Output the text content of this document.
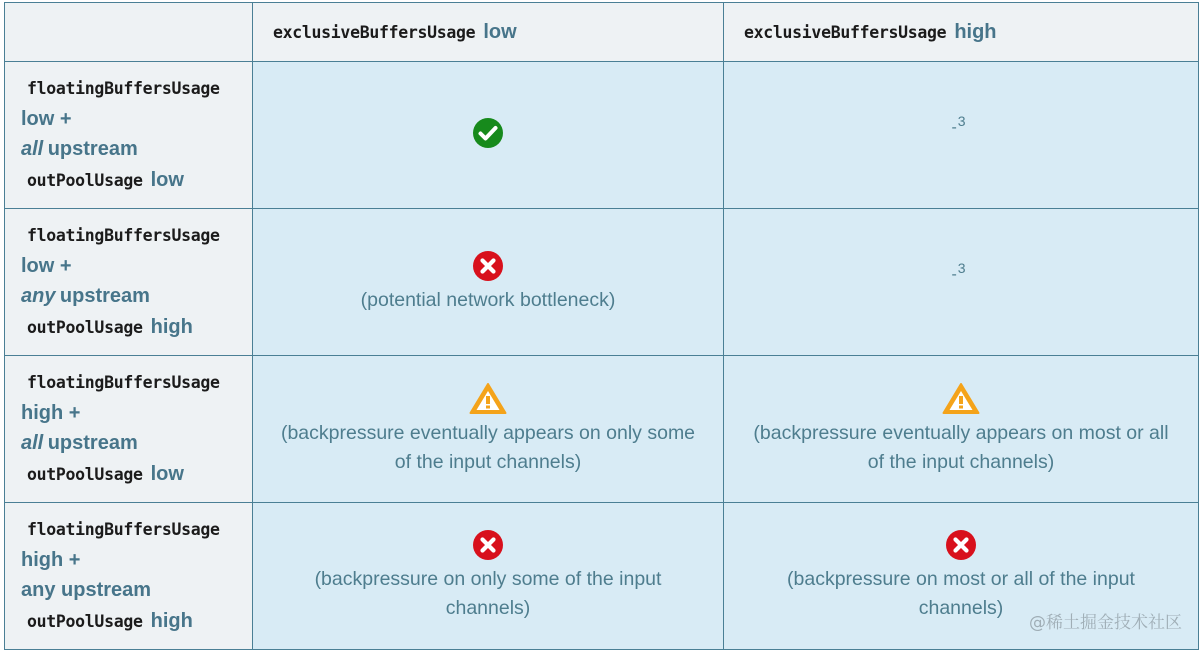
	exclusiveBuffersUsage low	exclusiveBuffersUsage high

floatingBuffersUsage
low +
all upstream
outPoolUsage low		$^{-3}$

floatingBuffersUsage
low +
any upstream
outPoolUsage high	(potential network bottleneck)	$^{-3}$

floatingBuffersUsage
high +
all upstream
outPoolUsage low	(backpressure eventually appears on only some
of the input channels)	(backpressure eventually appears on most or all
of the input channels)

floatingBuffersUsage
high +
any upstream
outPoolUsage high	(backpressure on only some of the input
channels)	(backpressure on most or all of the input
channels)
@稀土掘金技术社区
